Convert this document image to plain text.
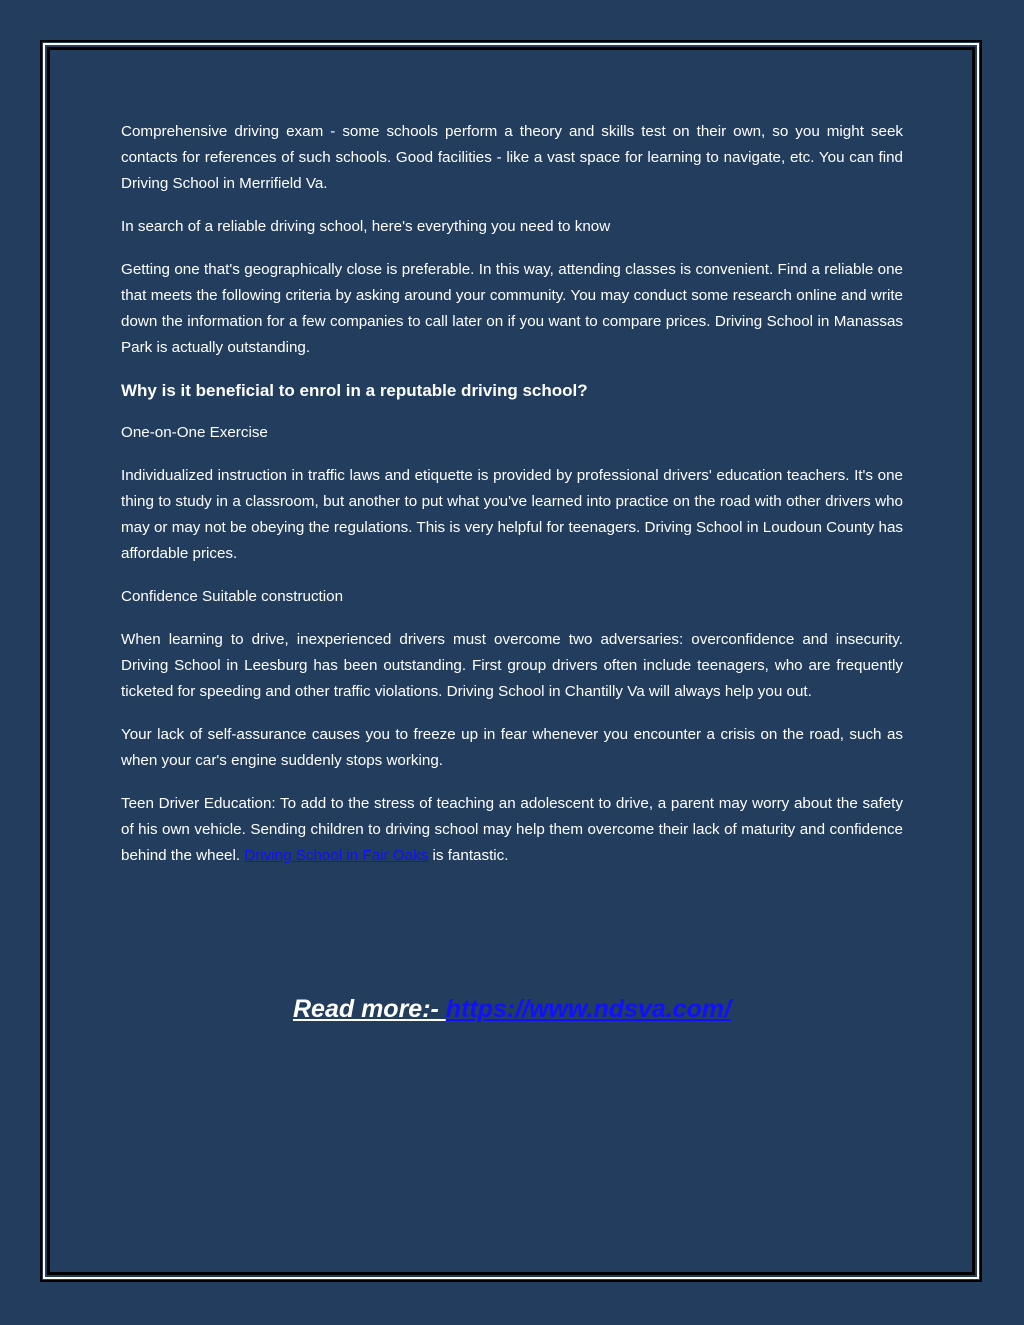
Comprehensive driving exam - some schools perform a theory and skills test on their own, so you might seek contacts for references of such schools. Good facilities - like a vast space for learning to navigate, etc. You can find Driving School in Merrifield Va.

In search of a reliable driving school, here's everything you need to know

Getting one that's geographically close is preferable. In this way, attending classes is convenient. Find a reliable one that meets the following criteria by asking around your community. You may conduct some research online and write down the information for a few companies to call later on if you want to compare prices. Driving School in Manassas Park is actually outstanding.

Why is it beneficial to enrol in a reputable driving school?

One-on-One Exercise

Individualized instruction in traffic laws and etiquette is provided by professional drivers' education teachers. It's one thing to study in a classroom, but another to put what you've learned into practice on the road with other drivers who may or may not be obeying the regulations. This is very helpful for teenagers. Driving School in Loudoun County has affordable prices.

Confidence Suitable construction

When learning to drive, inexperienced drivers must overcome two adversaries: overconfidence and insecurity. Driving School in Leesburg has been outstanding. First group drivers often include teenagers, who are frequently ticketed for speeding and other traffic violations. Driving School in Chantilly Va will always help you out.

Your lack of self-assurance causes you to freeze up in fear whenever you encounter a crisis on the road, such as when your car's engine suddenly stops working.

Teen Driver Education: To add to the stress of teaching an adolescent to drive, a parent may worry about the safety of his own vehicle. Sending children to driving school may help them overcome their lack of maturity and confidence behind the wheel. Driving School in Fair Oaks is fantastic.

Read more:- https://www.ndsva.com/
